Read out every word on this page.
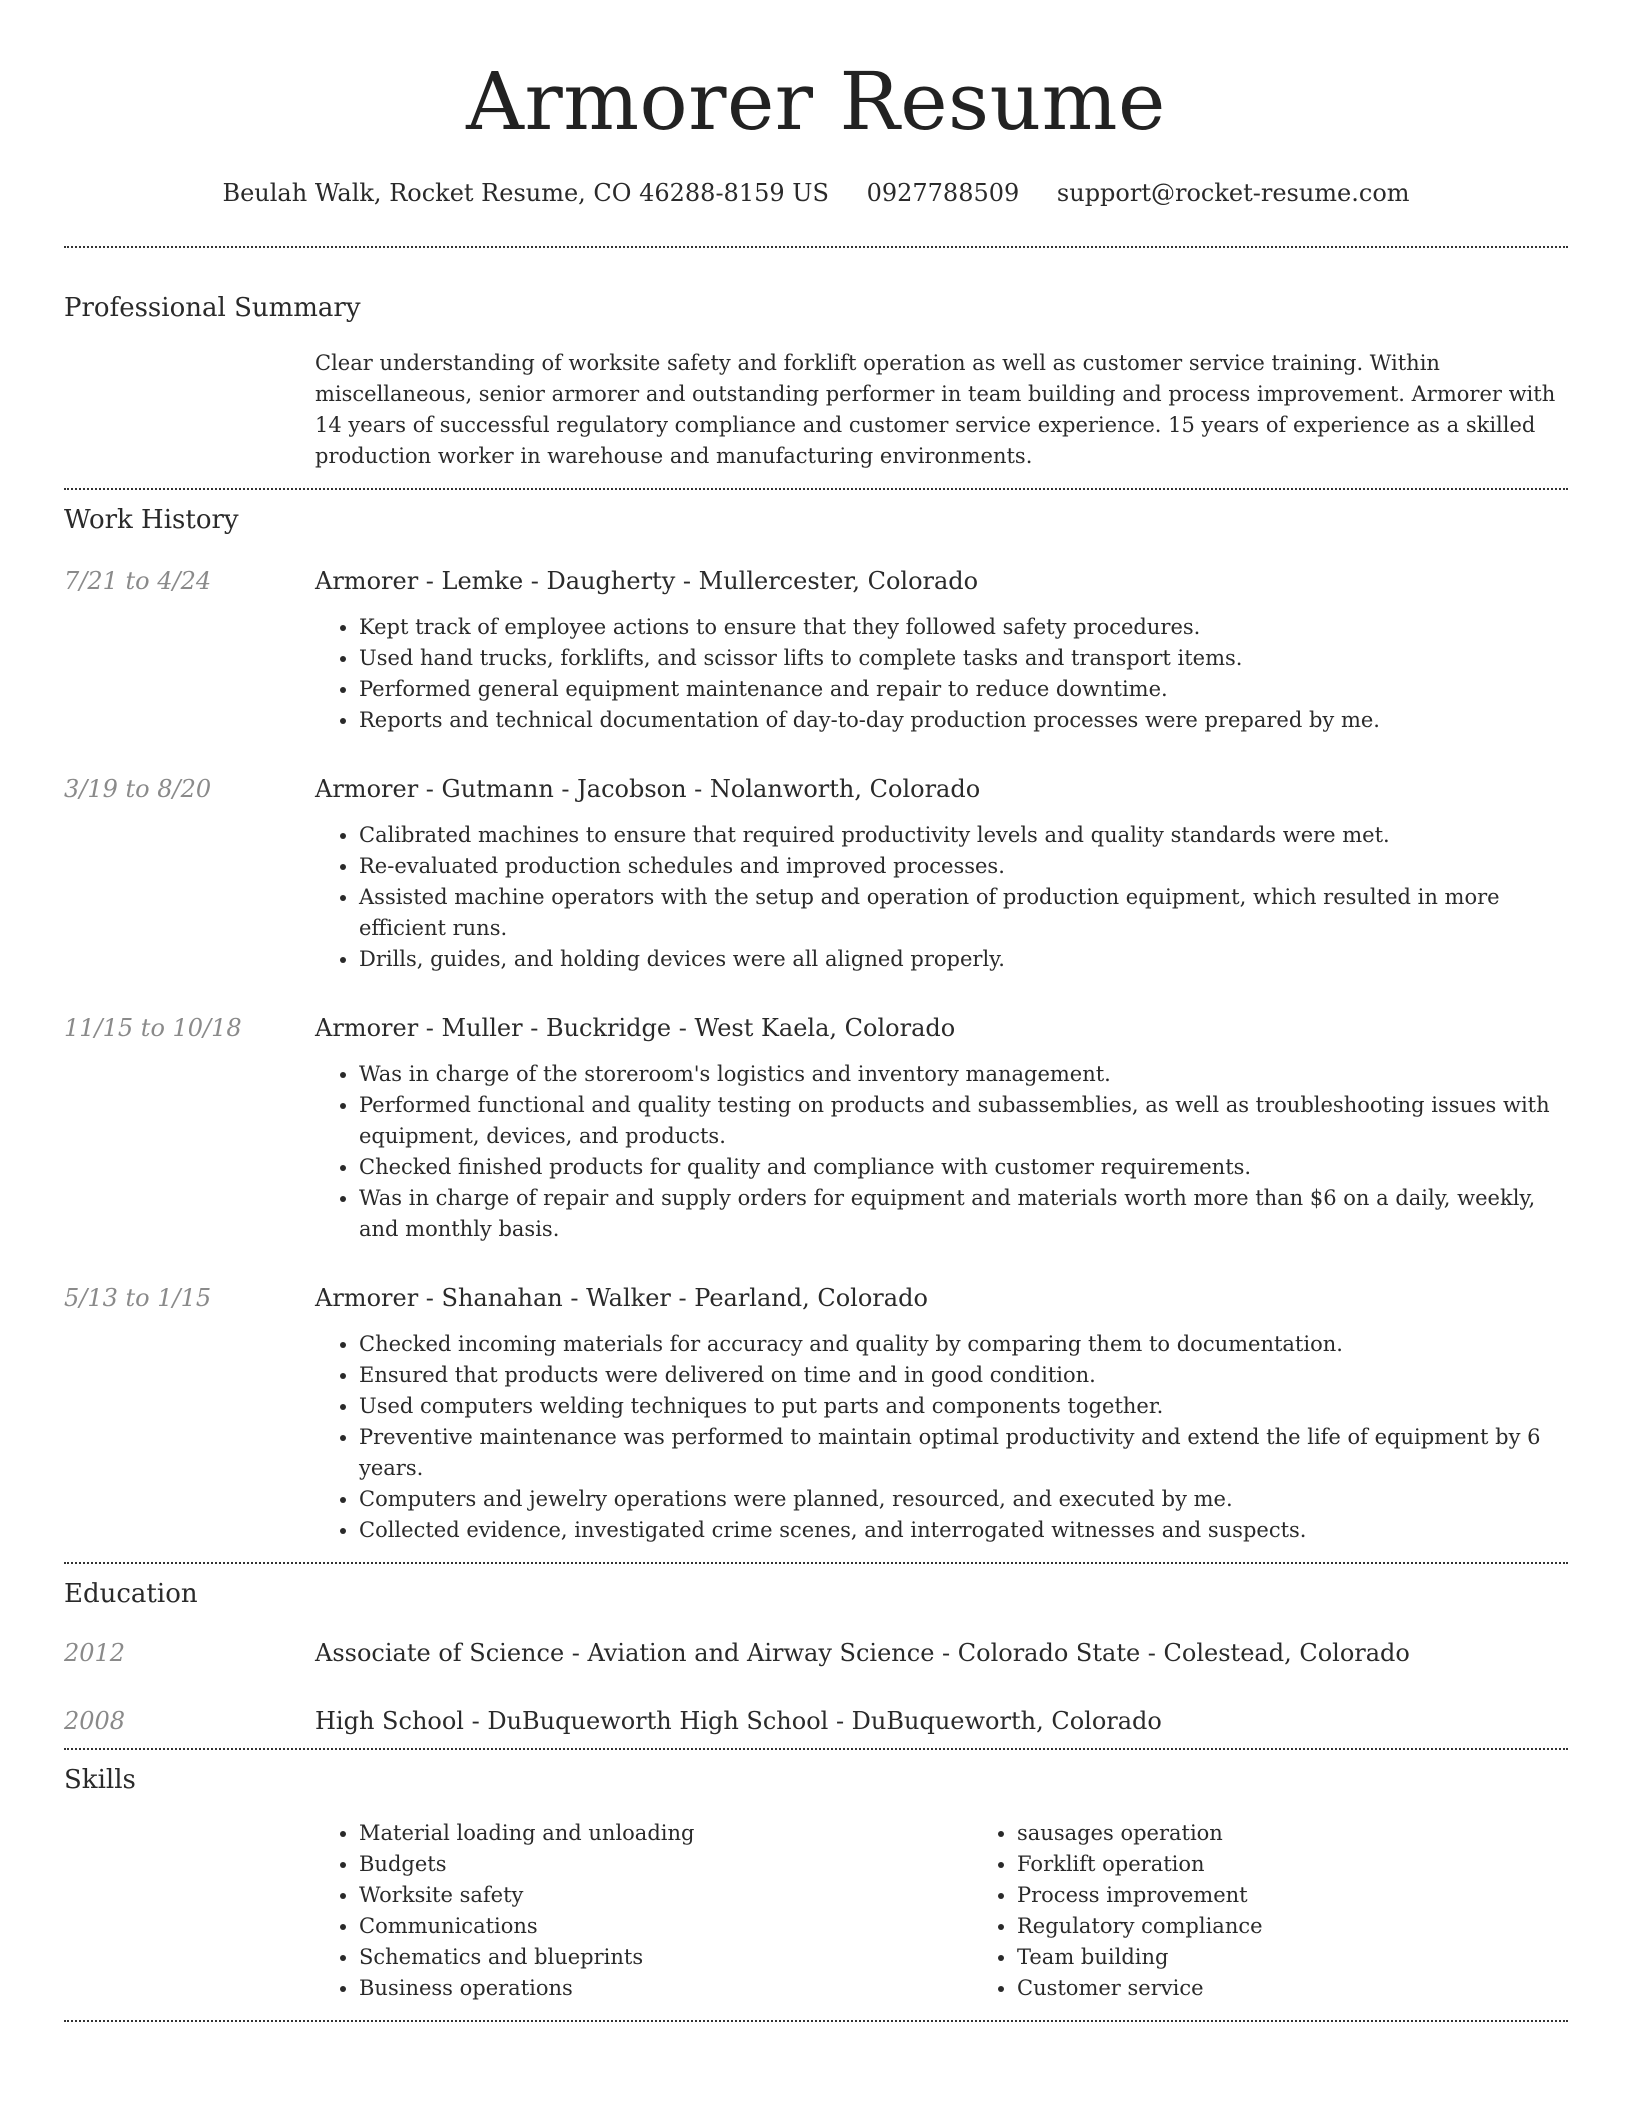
Armorer Resume
Beulah Walk, Rocket Resume, CO 46288-8159 US 0927788509 support@rocket-resume.com
Professional Summary
Clear understanding of worksite safety and forklift operation as well as customer service training. Within miscellaneous, senior armorer and outstanding performer in team building and process improvement. Armorer with 14 years of successful regulatory compliance and customer service experience. 15 years of experience as a skilled production worker in warehouse and manufacturing environments.
Work History
7/21 to 4/24	Armorer - Lemke - Daugherty - Mullercester, Colorado
• Kept track of employee actions to ensure that they followed safety procedures.
• Used hand trucks, forklifts, and scissor lifts to complete tasks and transport items.
• Performed general equipment maintenance and repair to reduce downtime.
• Reports and technical documentation of day-to-day production processes were prepared by me.
3/19 to 8/20	Armorer - Gutmann - Jacobson - Nolanworth, Colorado
• Calibrated machines to ensure that required productivity levels and quality standards were met.
• Re-evaluated production schedules and improved processes.
• Assisted machine operators with the setup and operation of production equipment, which resulted in more efficient runs.
• Drills, guides, and holding devices were all aligned properly.
11/15 to 10/18	Armorer - Muller - Buckridge - West Kaela, Colorado
• Was in charge of the storeroom's logistics and inventory management.
• Performed functional and quality testing on products and subassemblies, as well as troubleshooting issues with equipment, devices, and products.
• Checked finished products for quality and compliance with customer requirements.
• Was in charge of repair and supply orders for equipment and materials worth more than $6 on a daily, weekly, and monthly basis.
5/13 to 1/15	Armorer - Shanahan - Walker - Pearland, Colorado
• Checked incoming materials for accuracy and quality by comparing them to documentation.
• Ensured that products were delivered on time and in good condition.
• Used computers welding techniques to put parts and components together.
• Preventive maintenance was performed to maintain optimal productivity and extend the life of equipment by 6 years.
• Computers and jewelry operations were planned, resourced, and executed by me.
• Collected evidence, investigated crime scenes, and interrogated witnesses and suspects.
Education
2012	Associate of Science - Aviation and Airway Science - Colorado State - Colestead, Colorado
2008	High School - DuBuqueworth High School - DuBuqueworth, Colorado
Skills
• Material loading and unloading
• Budgets
• Worksite safety
• Communications
• Schematics and blueprints
• Business operations
• sausages operation
• Forklift operation
• Process improvement
• Regulatory compliance
• Team building
• Customer service
